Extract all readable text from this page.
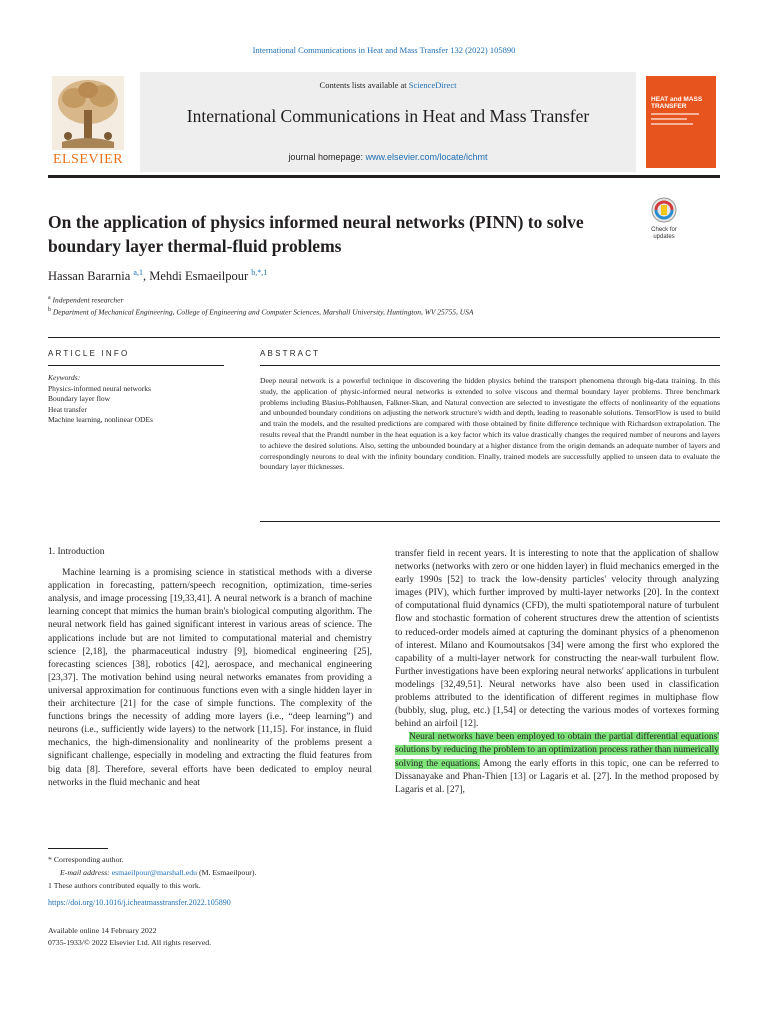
International Communications in Heat and Mass Transfer 132 (2022) 105890
ELSEVIER
Contents lists available at ScienceDirect
International Communications in Heat and Mass Transfer
journal homepage: www.elsevier.com/locate/ichmt
HEAT and MASS TRANSFER
On the application of physics informed neural networks (PINN) to solve boundary layer thermal-fluid problems
Check for
updates
Hassan Bararnia $^{a,1}$, Mehdi Esmaeilpour $^{b,*,1}$
$^a$ Independent researcher
$^b$ Department of Mechanical Engineering, College of Engineering and Computer Sciences, Marshall University, Huntington, WV 25755, USA
ARTICLE INFO	ABSTRACT
Keywords:
Physics-informed neural networks
Boundary layer flow
Heat transfer
Machine learning, nonlinear ODEs
Deep neural network is a powerful technique in discovering the hidden physics behind the transport phenomena through big-data training. In this study, the application of physic-informed neural networks is extended to solve viscous and thermal boundary layer problems. Three benchmark problems including Blasius-Pohlhausen, Falkner-Skan, and Natural convection are selected to investigate the effects of nonlinearity of the equations and unbounded boundary conditions on adjusting the network structure's width and depth, leading to reasonable solutions. TensorFlow is used to build and train the models, and the resulted predictions are compared with those obtained by finite difference technique with Richardson extrapolation. The results reveal that the Prandtl number in the heat equation is a key factor which its value drastically changes the required number of neurons and layers to achieve the desired solutions. Also, setting the unbounded boundary at a higher distance from the origin demands an adequate number of layers and correspondingly neurons to deal with the infinity boundary condition. Finally, trained models are successfully applied to unseen data to evaluate the boundary layer thicknesses.
1. Introduction

Machine learning is a promising science in statistical methods with a diverse application in forecasting, pattern/speech recognition, optimization, time-series analysis, and image processing [19,33,41]. A neural network is a branch of machine learning concept that mimics the human brain's biological computing algorithm. The neural network field has gained significant interest in various areas of science. The applications include but are not limited to computational material and chemistry science [2,18], the pharmaceutical industry [9], biomedical engineering [25], forecasting sciences [38], robotics [42], aerospace, and mechanical engineering [23,37]. The motivation behind using neural networks emanates from providing a universal approximation for continuous functions even with a single hidden layer in their architecture [21] for the case of simple functions. The complexity of the functions brings the necessity of adding more layers (i.e., “deep learning”) and neurons (i.e., sufficiently wide layers) to the network [11,15]. For instance, in fluid mechanics, the high-dimensionality and nonlinearity of the problems present a significant challenge, especially in modeling and extracting the fluid features from big data [8]. Therefore, several efforts have been dedicated to employ neural networks in the fluid mechanic and heat

transfer field in recent years. It is interesting to note that the application of shallow networks (networks with zero or one hidden layer) in fluid mechanics emerged in the early 1990s [52] to track the low-density particles' velocity through analyzing images (PIV), which further improved by multi-layer networks [20]. In the context of computational fluid dynamics (CFD), the multi spatiotemporal nature of turbulent flow and stochastic formation of coherent structures drew the attention of scientists to reduced-order models aimed at capturing the dominant physics of a phenomenon of interest. Milano and Koumoutsakos [34] were among the first who explored the capability of a multi-layer network for constructing the near-wall turbulent flow. Further investigations have been exploring neural networks' applications in turbulent modelings [32,49,51]. Neural networks have also been used in classification problems attributed to the identification of different regimes in multiphase flow (bubbly, slug, plug, etc.) [1,54] or detecting the various modes of vortexes forming behind an airfoil [12].

Neural networks have been employed to obtain the partial differential equations' solutions by reducing the problem to an optimization process rather than numerically solving the equations. Among the early efforts in this topic, one can be referred to Dissanayake and Phan-Thien [13] or Lagaris et al. [27]. In the method proposed by Lagaris et al. [27],

* Corresponding author.
E-mail address: esmaeilpour@marshall.edu (M. Esmaeilpour).
1 These authors contributed equally to this work.
https://doi.org/10.1016/j.icheatmasstransfer.2022.105890
Available online 14 February 2022
0735-1933/© 2022 Elsevier Ltd. All rights reserved.
